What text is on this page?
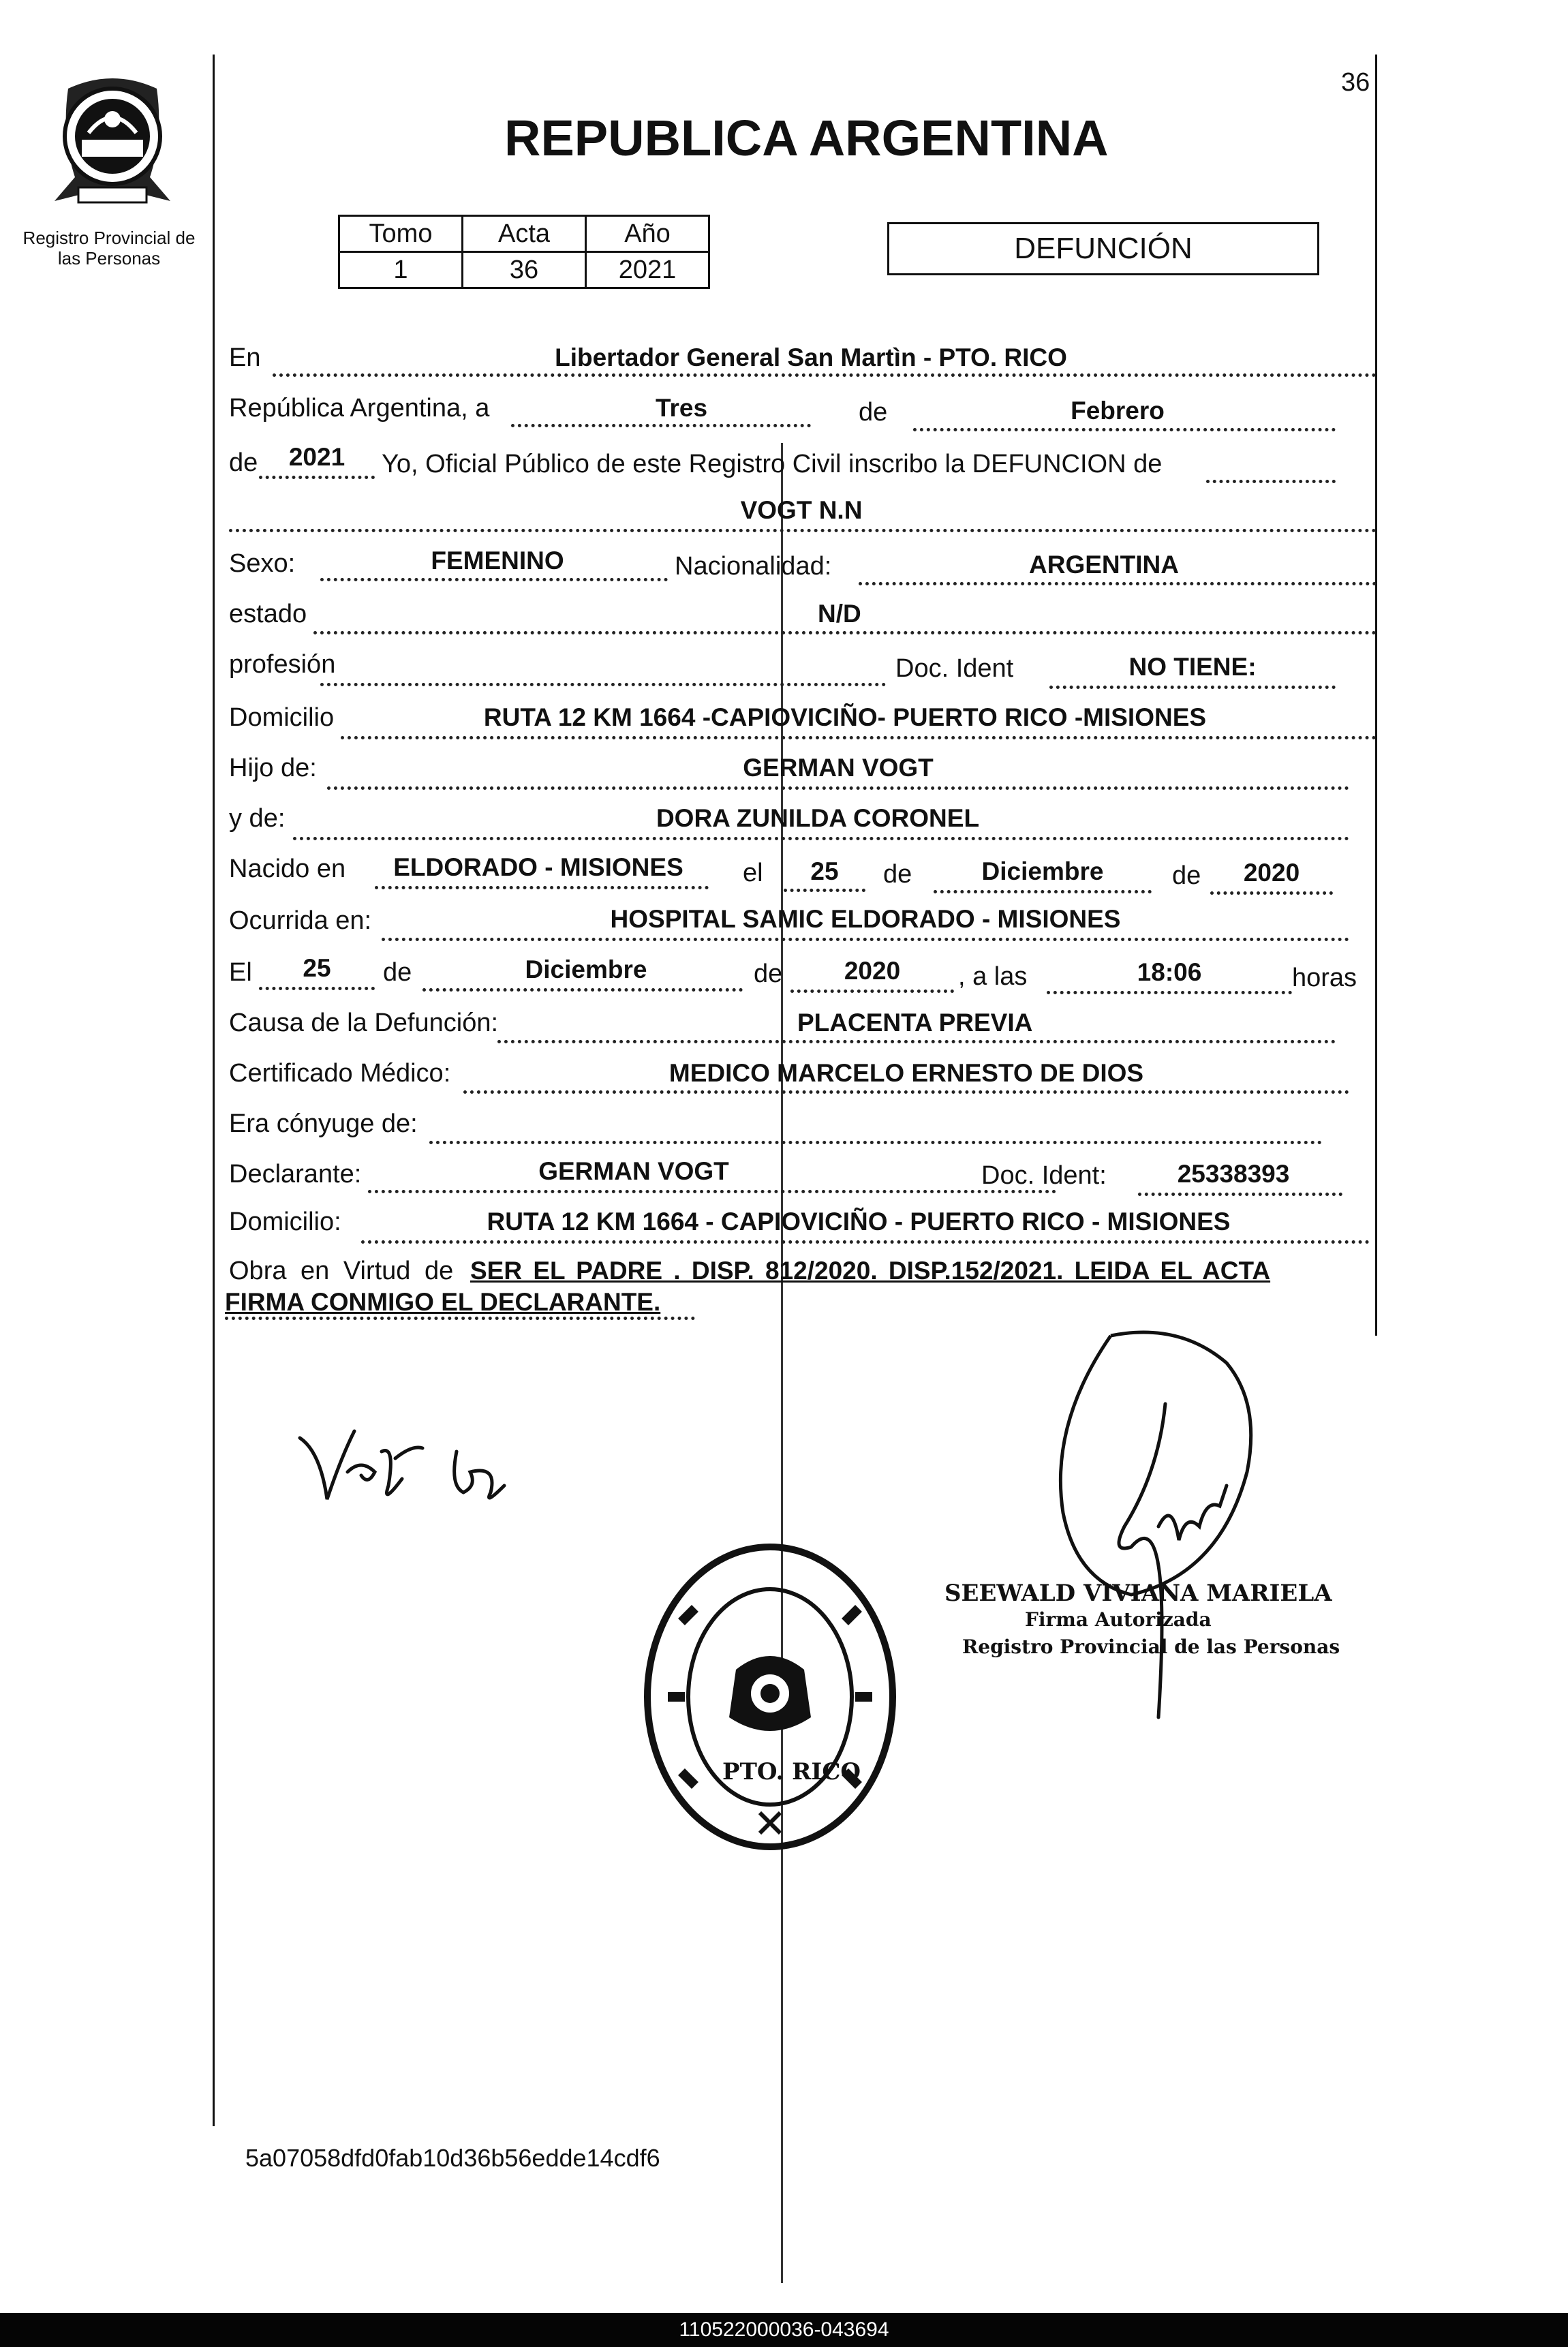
Registro Provincial de las Personas
36
REPUBLICA ARGENTINA
Tomo	Acta	Año
1	36	2021
DEFUNCIÓN
En	Libertador General San Martìn - PTO. RICO
República Argentina, a	Tres	de	Febrero
de	2021	Yo, Oficial Público de este Registro Civil inscribo la DEFUNCION de
VOGT N.N
Sexo:	FEMENINO	Nacionalidad:	ARGENTINA
estado	N/D
profesión	Doc. Ident	NO TIENE:
Domicilio	RUTA 12 KM 1664 -CAPIOVICIÑO- PUERTO RICO -MISIONES
Hijo de:	GERMAN VOGT
y de:	DORA ZUNILDA CORONEL
Nacido en	ELDORADO - MISIONES	el	25	de	Diciembre	de	2020
Ocurrida en:	HOSPITAL SAMIC ELDORADO - MISIONES
El	25	de	Diciembre	de	2020	, a las	18:06	horas
Causa de la Defunción:	PLACENTA PREVIA
Certificado Médico:	MEDICO MARCELO ERNESTO DE DIOS
Era cónyuge de:
Declarante:	GERMAN VOGT	Doc. Ident:	25338393
Domicilio:	RUTA 12 KM 1664 - CAPIOVICIÑO - PUERTO RICO - MISIONES
Obra en Virtud de SER EL PADRE . DISP. 812/2020. DISP.152/2021. LEIDA EL ACTA
FIRMA CONMIGO EL DECLARANTE.
PTO. RICO
SEEWALD VIVIANA MARIELA
Firma Autorizada
Registro Provincial de las Personas
5a07058dfd0fab10d36b56edde14cdf6
110522000036-043694
